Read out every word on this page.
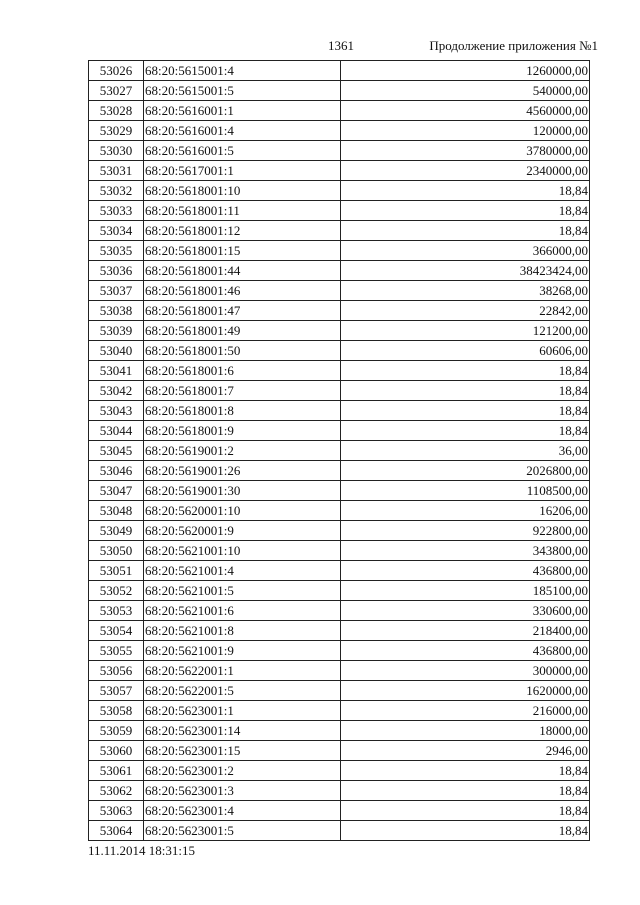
1361	Продолжение приложения №1
53026	68:20:5615001:4	1260000,00
53027	68:20:5615001:5	540000,00
53028	68:20:5616001:1	4560000,00
53029	68:20:5616001:4	120000,00
53030	68:20:5616001:5	3780000,00
53031	68:20:5617001:1	2340000,00
53032	68:20:5618001:10	18,84
53033	68:20:5618001:11	18,84
53034	68:20:5618001:12	18,84
53035	68:20:5618001:15	366000,00
53036	68:20:5618001:44	38423424,00
53037	68:20:5618001:46	38268,00
53038	68:20:5618001:47	22842,00
53039	68:20:5618001:49	121200,00
53040	68:20:5618001:50	60606,00
53041	68:20:5618001:6	18,84
53042	68:20:5618001:7	18,84
53043	68:20:5618001:8	18,84
53044	68:20:5618001:9	18,84
53045	68:20:5619001:2	36,00
53046	68:20:5619001:26	2026800,00
53047	68:20:5619001:30	1108500,00
53048	68:20:5620001:10	16206,00
53049	68:20:5620001:9	922800,00
53050	68:20:5621001:10	343800,00
53051	68:20:5621001:4	436800,00
53052	68:20:5621001:5	185100,00
53053	68:20:5621001:6	330600,00
53054	68:20:5621001:8	218400,00
53055	68:20:5621001:9	436800,00
53056	68:20:5622001:1	300000,00
53057	68:20:5622001:5	1620000,00
53058	68:20:5623001:1	216000,00
53059	68:20:5623001:14	18000,00
53060	68:20:5623001:15	2946,00
53061	68:20:5623001:2	18,84
53062	68:20:5623001:3	18,84
53063	68:20:5623001:4	18,84
53064	68:20:5623001:5	18,84
11.11.2014 18:31:15
